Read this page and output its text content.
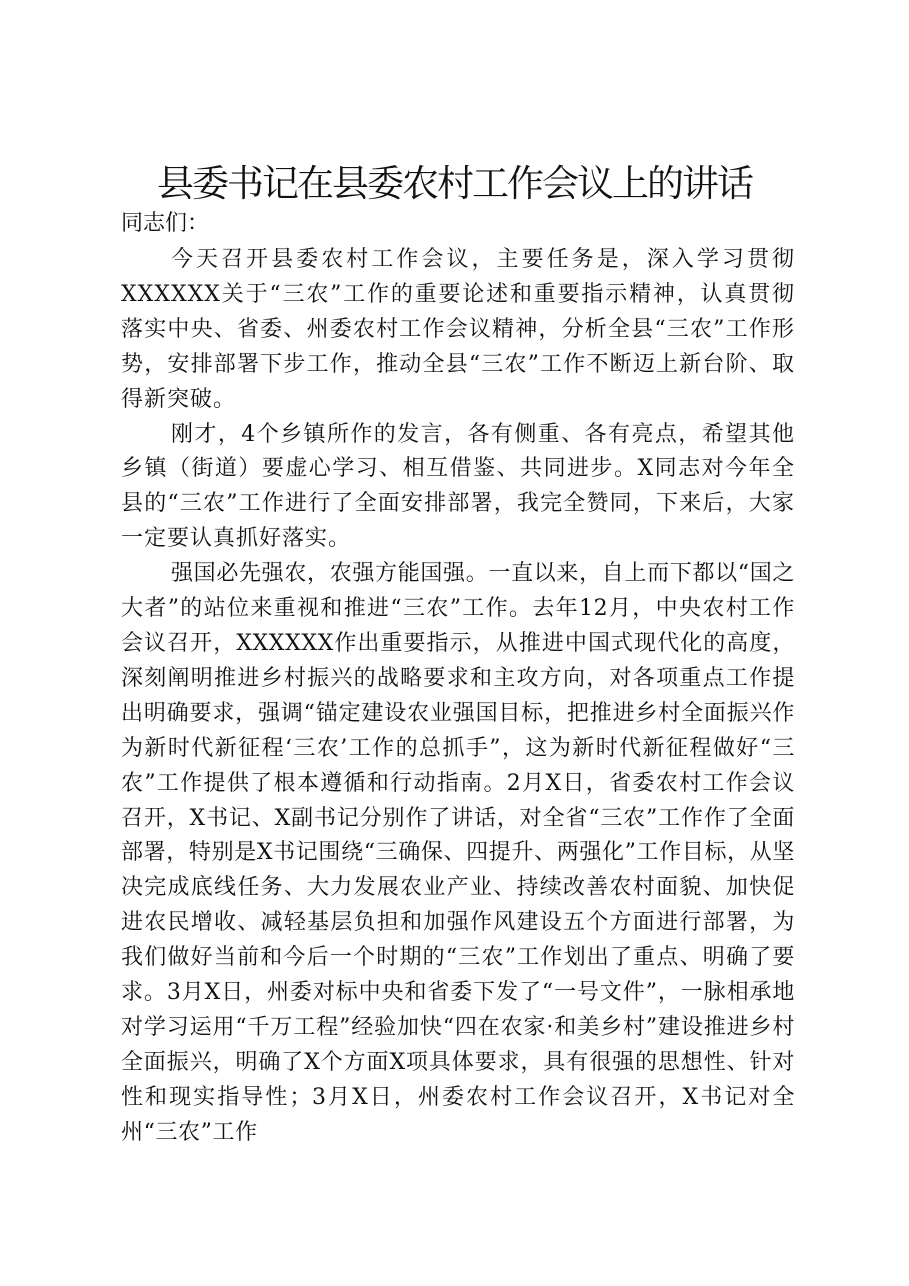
县委书记在县委农村工作会议上的讲话
同志们：

今天召开县委农村工作会议，主要任务是，深入学习贯彻XXXXXX关于“三农”工作的重要论述和重要指示精神，认真贯彻落实中央、省委、州委农村工作会议精神，分析全县“三农”工作形势，安排部署下步工作，推动全县“三农”工作不断迈上新台阶、取得新突破。

刚才，4个乡镇所作的发言，各有侧重、各有亮点，希望其他乡镇（街道）要虚心学习、相互借鉴、共同进步。X同志对今年全县的“三农”工作进行了全面安排部署，我完全赞同，下来后，大家一定要认真抓好落实。

强国必先强农，农强方能国强。一直以来，自上而下都以“国之大者”的站位来重视和推进“三农”工作。去年12月，中央农村工作会议召开，XXXXXX作出重要指示，从推进中国式现代化的高度，深刻阐明推进乡村振兴的战略要求和主攻方向，对各项重点工作提出明确要求，强调“锚定建设农业强国目标，把推进乡村全面振兴作为新时代新征程‘三农’工作的总抓手”，这为新时代新征程做好“三农”工作提供了根本遵循和行动指南。2月X日，省委农村工作会议召开，X书记、X副书记分别作了讲话，对全省“三农”工作作了全面部署，特别是X书记围绕“三确保、四提升、两强化”工作目标，从坚决完成底线任务、大力发展农业产业、持续改善农村面貌、加快促进农民增收、减轻基层负担和加强作风建设五个方面进行部署，为我们做好当前和今后一个时期的“三农”工作划出了重点、明确了要求。3月X日，州委对标中央和省委下发了“一号文件”，一脉相承地对学习运用“千万工程”经验加快“四在农家·和美乡村”建设推进乡村全面振兴，明确了X个方面X项具体要求，具有很强的思想性、针对性和现实指导性；3月X日，州委农村工作会议召开，X书记对全州“三农”工作
